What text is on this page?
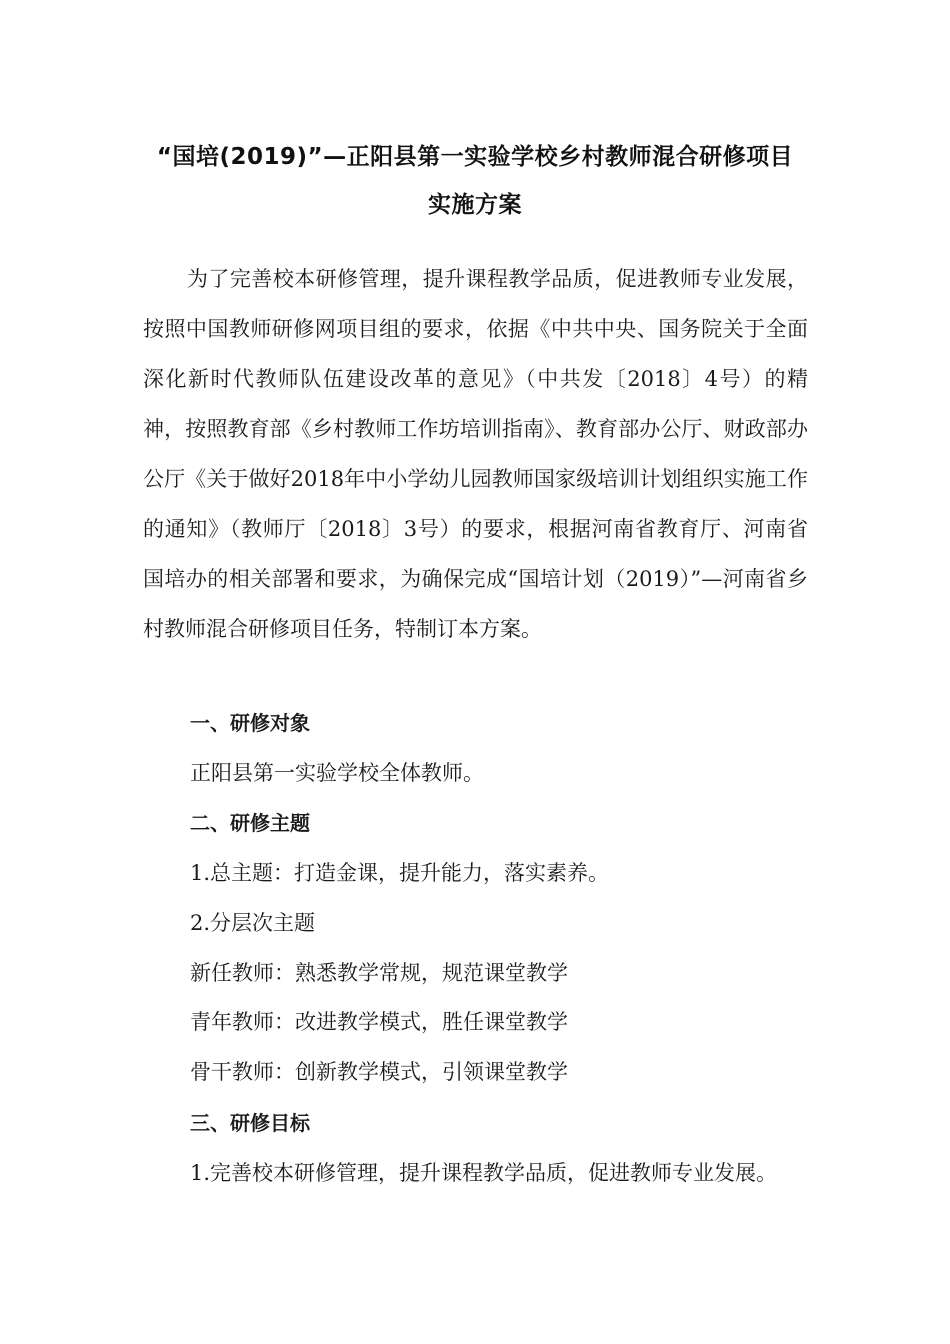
“国培(2019)”—正阳县第一实验学校乡村教师混合研修项目
实施方案
为了完善校本研修管理，提升课程教学品质，促进教师专业发展，按照中国教师研修网项目组的要求，依据《中共中央、国务院关于全面深化新时代教师队伍建设改革的意见》（中共发〔2018〕4号）的精神，按照教育部《乡村教师工作坊培训指南》、教育部办公厅、财政部办公厅《关于做好2018年中小学幼儿园教师国家级培训计划组织实施工作的通知》（教师厅〔2018〕3号）的要求，根据河南省教育厅、河南省国培办的相关部署和要求，为确保完成“国培计划（2019）”—河南省乡村教师混合研修项目任务，特制订本方案。
一、研修对象
正阳县第一实验学校全体教师。
二、研修主题
1.总主题：打造金课，提升能力，落实素养。
2.分层次主题
新任教师：熟悉教学常规，规范课堂教学
青年教师：改进教学模式，胜任课堂教学
骨干教师：创新教学模式，引领课堂教学
三、研修目标
1.完善校本研修管理，提升课程教学品质，促进教师专业发展。
